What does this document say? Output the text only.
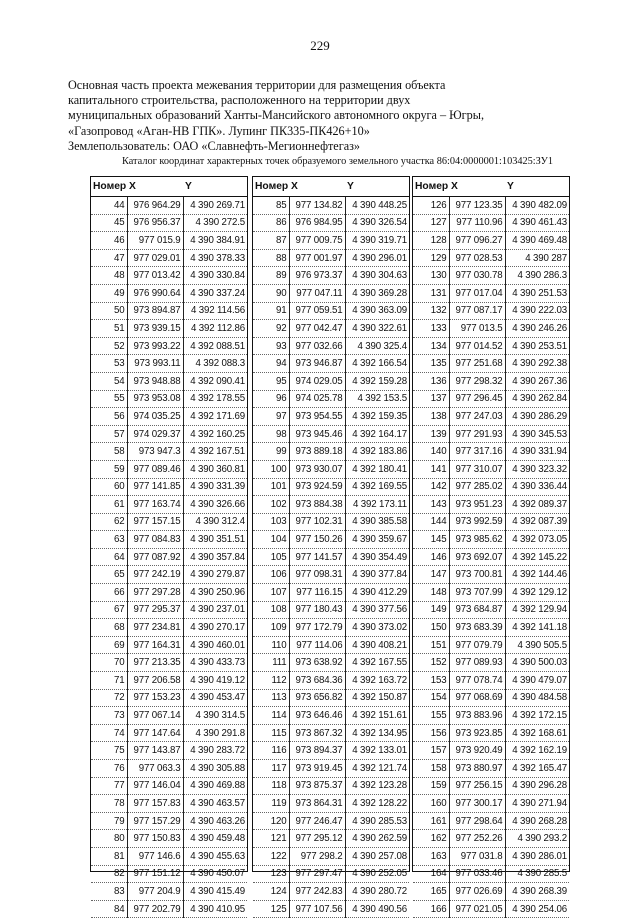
229
Основная часть проекта межевания территории для размещения объекта
капитального строительства, расположенного на территории двух
муниципальных образований Ханты-Мансийского автономного округа – Югры,
«Газопровод «Аган-НВ ГПК». Лупинг ПК335-ПК426+10»
Землепользователь: ОАО «Славнефть-Мегионнефтегаз»
Каталог координат характерных точек образуемого земельного участка 86:04:0000001:103425:ЗУ1
Номер	X	Y
44	976 964.29	4 390 269.71
45	976 956.37	4 390 272.5
46	977 015.9	4 390 384.91
47	977 029.01	4 390 378.33
48	977 013.42	4 390 330.84
49	976 990.64	4 390 337.24
50	973 894.87	4 392 114.56
51	973 939.15	4 392 112.86
52	973 993.22	4 392 088.51
53	973 993.11	4 392 088.3
54	973 948.88	4 392 090.41
55	973 953.08	4 392 178.55
56	974 035.25	4 392 171.69
57	974 029.37	4 392 160.25
58	973 947.3	4 392 167.51
59	977 089.46	4 390 360.81
60	977 141.85	4 390 331.39
61	977 163.74	4 390 326.66
62	977 157.15	4 390 312.4
63	977 084.83	4 390 351.51
64	977 087.92	4 390 357.84
65	977 242.19	4 390 279.87
66	977 297.28	4 390 250.96
67	977 295.37	4 390 237.01
68	977 234.81	4 390 270.17
69	977 164.31	4 390 460.01
70	977 213.35	4 390 433.73
71	977 206.58	4 390 419.12
72	977 153.23	4 390 453.47
73	977 067.14	4 390 314.5
74	977 147.64	4 390 291.8
75	977 143.87	4 390 283.72
76	977 063.3	4 390 305.88
77	977 146.04	4 390 469.88
78	977 157.83	4 390 463.57
79	977 157.29	4 390 463.26
80	977 150.83	4 390 459.48
81	977 146.6	4 390 455.63
82	977 151.12	4 390 450.07
83	977 204.9	4 390 415.49
84	977 202.79	4 390 410.95
Номер	X	Y
85	977 134.82	4 390 448.25
86	976 984.95	4 390 326.54
87	977 009.75	4 390 319.71
88	977 001.97	4 390 296.01
89	976 973.37	4 390 304.63
90	977 047.11	4 390 369.28
91	977 059.51	4 390 363.09
92	977 042.47	4 390 322.61
93	977 032.66	4 390 325.4
94	973 946.87	4 392 166.54
95	974 029.05	4 392 159.28
96	974 025.78	4 392 153.5
97	973 954.55	4 392 159.35
98	973 945.46	4 392 164.17
99	973 889.18	4 392 183.86
100	973 930.07	4 392 180.41
101	973 924.59	4 392 169.55
102	973 884.38	4 392 173.11
103	977 102.31	4 390 385.58
104	977 150.26	4 390 359.67
105	977 141.57	4 390 354.49
106	977 098.31	4 390 377.84
107	977 116.15	4 390 412.29
108	977 180.43	4 390 377.56
109	977 172.79	4 390 373.02
110	977 114.06	4 390 408.21
111	973 638.92	4 392 167.55
112	973 684.36	4 392 163.72
113	973 656.82	4 392 150.87
114	973 646.46	4 392 151.61
115	973 867.32	4 392 134.95
116	973 894.37	4 392 133.01
117	973 919.45	4 392 121.74
118	973 875.37	4 392 123.28
119	973 864.31	4 392 128.22
120	977 246.47	4 390 285.53
121	977 295.12	4 390 262.59
122	977 298.2	4 390 257.08
123	977 297.47	4 390 252.05
124	977 242.83	4 390 280.72
125	977 107.56	4 390 490.56
Номер	X	Y
126	977 123.35	4 390 482.09
127	977 110.96	4 390 461.43
128	977 096.27	4 390 469.48
129	977 028.53	4 390 287
130	977 030.78	4 390 286.3
131	977 017.04	4 390 251.53
132	977 087.17	4 390 222.03
133	977 013.5	4 390 246.26
134	977 014.52	4 390 253.51
135	977 251.68	4 390 292.38
136	977 298.32	4 390 267.36
137	977 296.45	4 390 262.84
138	977 247.03	4 390 286.29
139	977 291.93	4 390 345.53
140	977 317.16	4 390 331.94
141	977 310.07	4 390 323.32
142	977 285.02	4 390 336.44
143	973 951.23	4 392 089.37
144	973 992.59	4 392 087.39
145	973 985.62	4 392 073.05
146	973 692.07	4 392 145.22
147	973 700.81	4 392 144.46
148	973 707.99	4 392 129.12
149	973 684.87	4 392 129.94
150	973 683.39	4 392 141.18
151	977 079.79	4 390 505.5
152	977 089.93	4 390 500.03
153	977 078.74	4 390 479.07
154	977 068.69	4 390 484.58
155	973 883.96	4 392 172.15
156	973 923.85	4 392 168.61
157	973 920.49	4 392 162.19
158	973 880.97	4 392 165.47
159	977 256.15	4 390 296.28
160	977 300.17	4 390 271.94
161	977 298.64	4 390 268.28
162	977 252.26	4 390 293.2
163	977 031.8	4 390 286.01
164	977 033.46	4 390 285.5
165	977 026.69	4 390 268.39
166	977 021.05	4 390 254.06
